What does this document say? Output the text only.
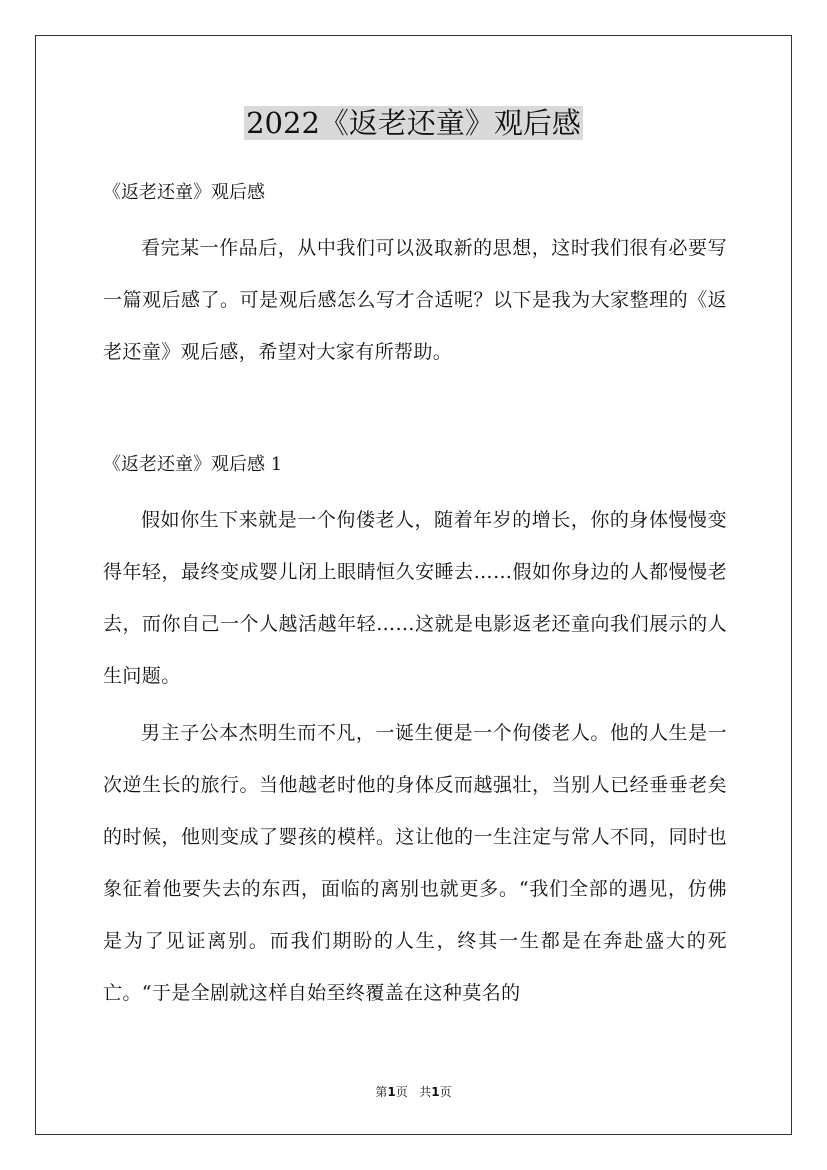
2022《返老还童》观后感

《返老还童》观后感

看完某一作品后，从中我们可以汲取新的思想，这时我们很有必要写一篇观后感了。可是观后感怎么写才合适呢？以下是我为大家整理的《返老还童》观后感，希望对大家有所帮助。

《返老还童》观后感 1

假如你生下来就是一个佝偻老人，随着年岁的增长，你的身体慢慢变得年轻，最终变成婴儿闭上眼睛恒久安睡去……假如你身边的人都慢慢老去，而你自己一个人越活越年轻……这就是电影返老还童向我们展示的人生问题。

男主子公本杰明生而不凡，一诞生便是一个佝偻老人。他的人生是一次逆生长的旅行。当他越老时他的身体反而越强壮，当别人已经垂垂老矣的时候，他则变成了婴孩的模样。这让他的一生注定与常人不同，同时也象征着他要失去的东西，面临的离别也就更多。“我们全部的遇见，仿佛是为了见证离别。而我们期盼的人生，终其一生都是在奔赴盛大的死亡。“于是全剧就这样自始至终覆盖在这种莫名的

第1页 共1页
